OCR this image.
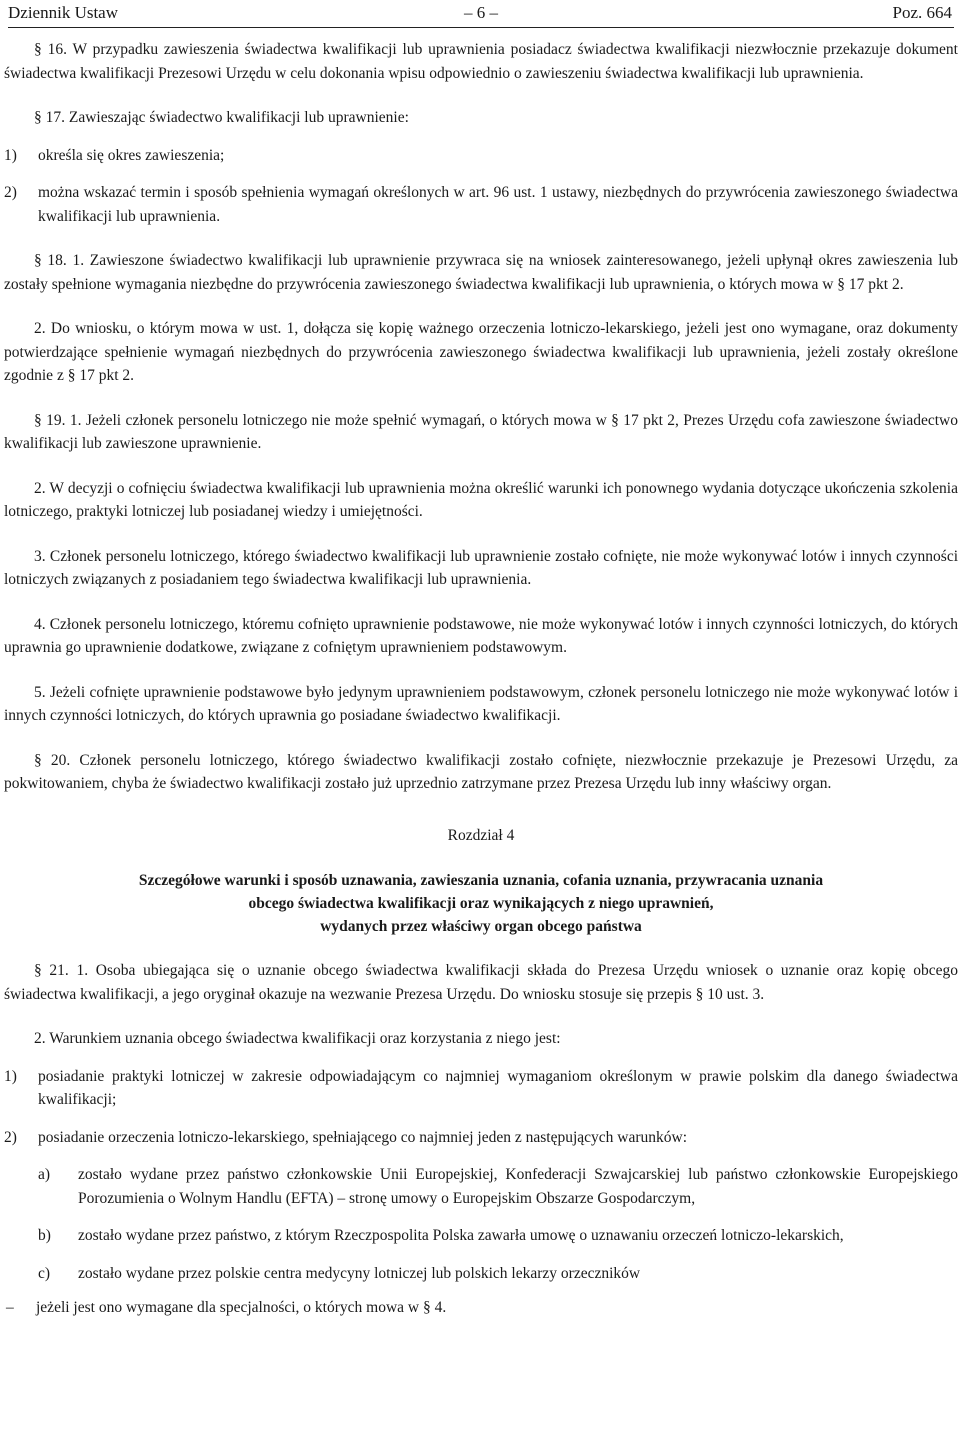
Dziennik Ustaw	– 6 –	Poz. 664

§ 16. W przypadku zawieszenia świadectwa kwalifikacji lub uprawnienia posiadacz świadectwa kwalifikacji niezwłocznie przekazuje dokument świadectwa kwalifikacji Prezesowi Urzędu w celu dokonania wpisu odpowiednio o zawieszeniu świadectwa kwalifikacji lub uprawnienia.

§ 17. Zawieszając świadectwo kwalifikacji lub uprawnienie:

1)	określa się okres zawieszenia;
2)	można wskazać termin i sposób spełnienia wymagań określonych w art. 96 ust. 1 ustawy, niezbędnych do przywrócenia zawieszonego świadectwa kwalifikacji lub uprawnienia.

§ 18. 1. Zawieszone świadectwo kwalifikacji lub uprawnienie przywraca się na wniosek zainteresowanego, jeżeli upłynął okres zawieszenia lub zostały spełnione wymagania niezbędne do przywrócenia zawieszonego świadectwa kwalifikacji lub uprawnienia, o których mowa w § 17 pkt 2.

2. Do wniosku, o którym mowa w ust. 1, dołącza się kopię ważnego orzeczenia lotniczo-lekarskiego, jeżeli jest ono wymagane, oraz dokumenty potwierdzające spełnienie wymagań niezbędnych do przywrócenia zawieszonego świadectwa kwalifikacji lub uprawnienia, jeżeli zostały określone zgodnie z § 17 pkt 2.

§ 19. 1. Jeżeli członek personelu lotniczego nie może spełnić wymagań, o których mowa w § 17 pkt 2, Prezes Urzędu cofa zawieszone świadectwo kwalifikacji lub zawieszone uprawnienie.

2. W decyzji o cofnięciu świadectwa kwalifikacji lub uprawnienia można określić warunki ich ponownego wydania dotyczące ukończenia szkolenia lotniczego, praktyki lotniczej lub posiadanej wiedzy i umiejętności.

3. Członek personelu lotniczego, którego świadectwo kwalifikacji lub uprawnienie zostało cofnięte, nie może wykonywać lotów i innych czynności lotniczych związanych z posiadaniem tego świadectwa kwalifikacji lub uprawnienia.

4. Członek personelu lotniczego, któremu cofnięto uprawnienie podstawowe, nie może wykonywać lotów i innych czynności lotniczych, do których uprawnia go uprawnienie dodatkowe, związane z cofniętym uprawnieniem podstawowym.

5. Jeżeli cofnięte uprawnienie podstawowe było jedynym uprawnieniem podstawowym, członek personelu lotniczego nie może wykonywać lotów i innych czynności lotniczych, do których uprawnia go posiadane świadectwo kwalifikacji.

§ 20. Członek personelu lotniczego, którego świadectwo kwalifikacji zostało cofnięte, niezwłocznie przekazuje je Prezesowi Urzędu, za pokwitowaniem, chyba że świadectwo kwalifikacji zostało już uprzednio zatrzymane przez Prezesa Urzędu lub inny właściwy organ.

Rozdział 4
Szczegółowe warunki i sposób uznawania, zawieszania uznania, cofania uznania, przywracania uznania
obcego świadectwa kwalifikacji oraz wynikających z niego uprawnień,
wydanych przez właściwy organ obcego państwa

§ 21. 1. Osoba ubiegająca się o uznanie obcego świadectwa kwalifikacji składa do Prezesa Urzędu wniosek o uznanie oraz kopię obcego świadectwa kwalifikacji, a jego oryginał okazuje na wezwanie Prezesa Urzędu. Do wniosku stosuje się przepis § 10 ust. 3.

2. Warunkiem uznania obcego świadectwa kwalifikacji oraz korzystania z niego jest:

1)	posiadanie praktyki lotniczej w zakresie odpowiadającym co najmniej wymaganiom określonym w prawie polskim dla danego świadectwa kwalifikacji;
2)	posiadanie orzeczenia lotniczo-lekarskiego, spełniającego co najmniej jeden z następujących warunków:
a)	zostało wydane przez państwo członkowskie Unii Europejskiej, Konfederacji Szwajcarskiej lub państwo członkowskie Europejskiego Porozumienia o Wolnym Handlu (EFTA) – stronę umowy o Europejskim Obszarze Gospodarczym,
b)	zostało wydane przez państwo, z którym Rzeczpospolita Polska zawarła umowę o uznawaniu orzeczeń lotniczo-lekarskich,
c)	zostało wydane przez polskie centra medycyny lotniczej lub polskich lekarzy orzeczników
–	jeżeli jest ono wymagane dla specjalności, o których mowa w § 4.
